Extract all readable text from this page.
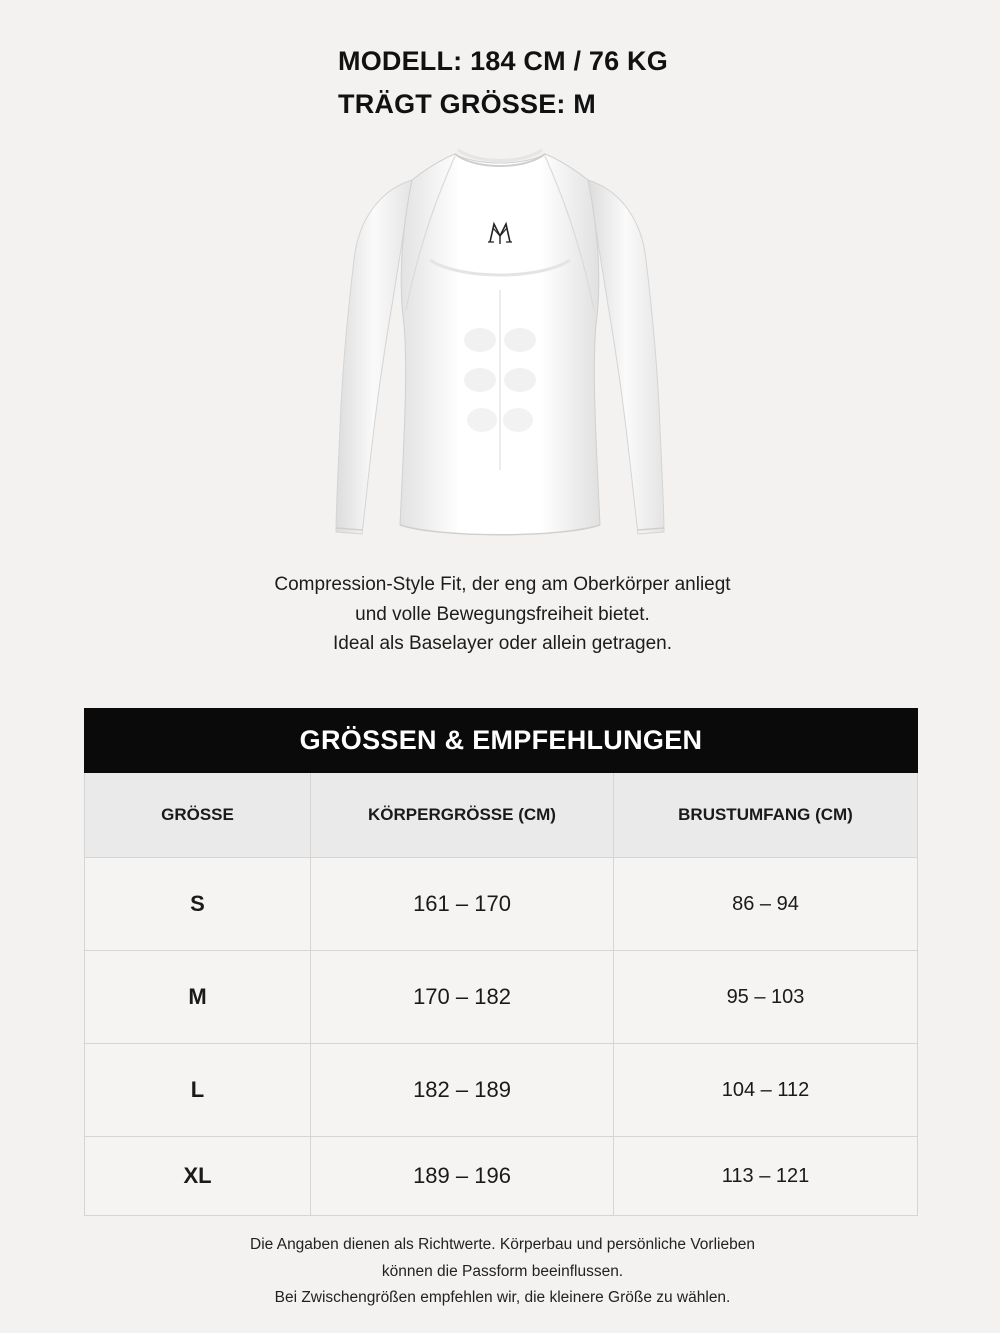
MODELL: 184 CM / 76 KG
TRÄGT GRÖSSE: M
Compression-Style Fit, der eng am Oberkörper anliegt
und volle Bewegungsfreiheit bietet.
Ideal als Baselayer oder allein getragen.
GRÖSSEN & EMPFEHLUNGEN		
GRÖSSE	KÖRPERGRÖSSE (CM)	BRUSTUMFANG (CM)
S	161 – 170	86 – 94
M	170 – 182	95 – 103
L	182 – 189	104 – 112
XL	189 – 196	113 – 121
Die Angaben dienen als Richtwerte. Körperbau und persönliche Vorlieben
können die Passform beeinflussen.
Bei Zwischengrößen empfehlen wir, die kleinere Größe zu wählen.
